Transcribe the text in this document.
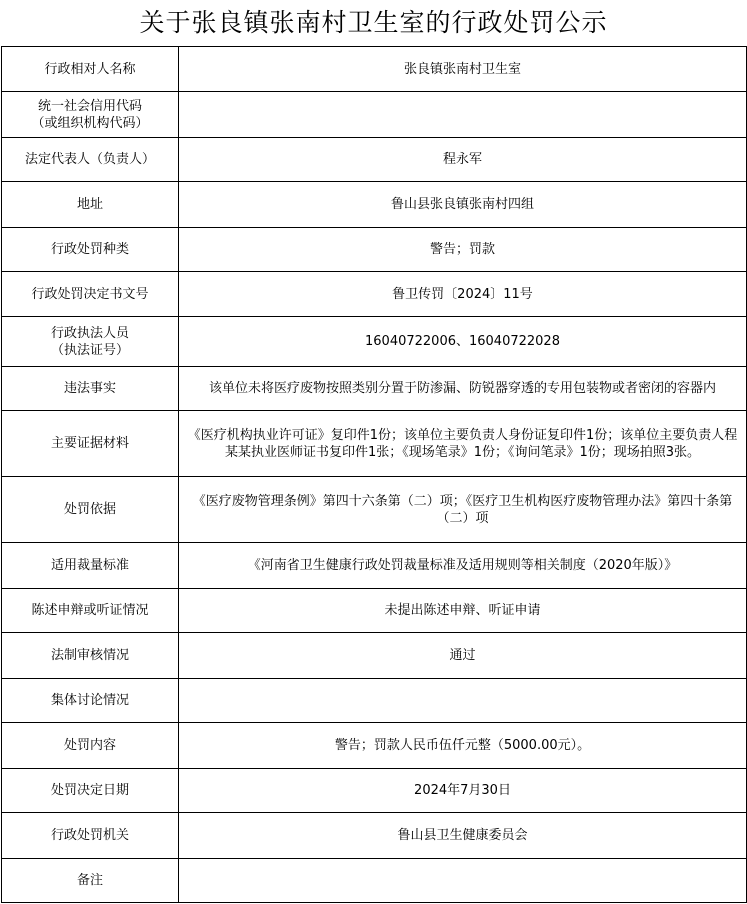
关于张良镇张南村卫生室的行政处罚公示
行政相对人名称	张良镇张南村卫生室
统一社会信用代码
（或组织机构代码）	
法定代表人（负责人）	程永军
地址	鲁山县张良镇张南村四组
行政处罚种类	警告；罚款
行政处罚决定书文号	鲁卫传罚〔2024〕11号
行政执法人员
（执法证号）	16040722006、16040722028
违法事实	该单位未将医疗废物按照类别分置于防渗漏、防锐器穿透的专用包装物或者密闭的容器内
主要证据材料	《医疗机构执业许可证》复印件1份；该单位主要负责人身份证复印件1份；该单位主要负责人程某某执业医师证书复印件1张；《现场笔录》1份；《询问笔录》1份；现场拍照3张。
处罚依据	《医疗废物管理条例》第四十六条第（二）项；《医疗卫生机构医疗废物管理办法》第四十条第（二）项
适用裁量标准	《河南省卫生健康行政处罚裁量标准及适用规则等相关制度（2020年版）》
陈述申辩或听证情况	未提出陈述申辩、听证申请
法制审核情况	通过
集体讨论情况	
处罚内容	警告；罚款人民币伍仟元整（5000.00元）。
处罚决定日期	2024年7月30日
行政处罚机关	鲁山县卫生健康委员会
备注	
